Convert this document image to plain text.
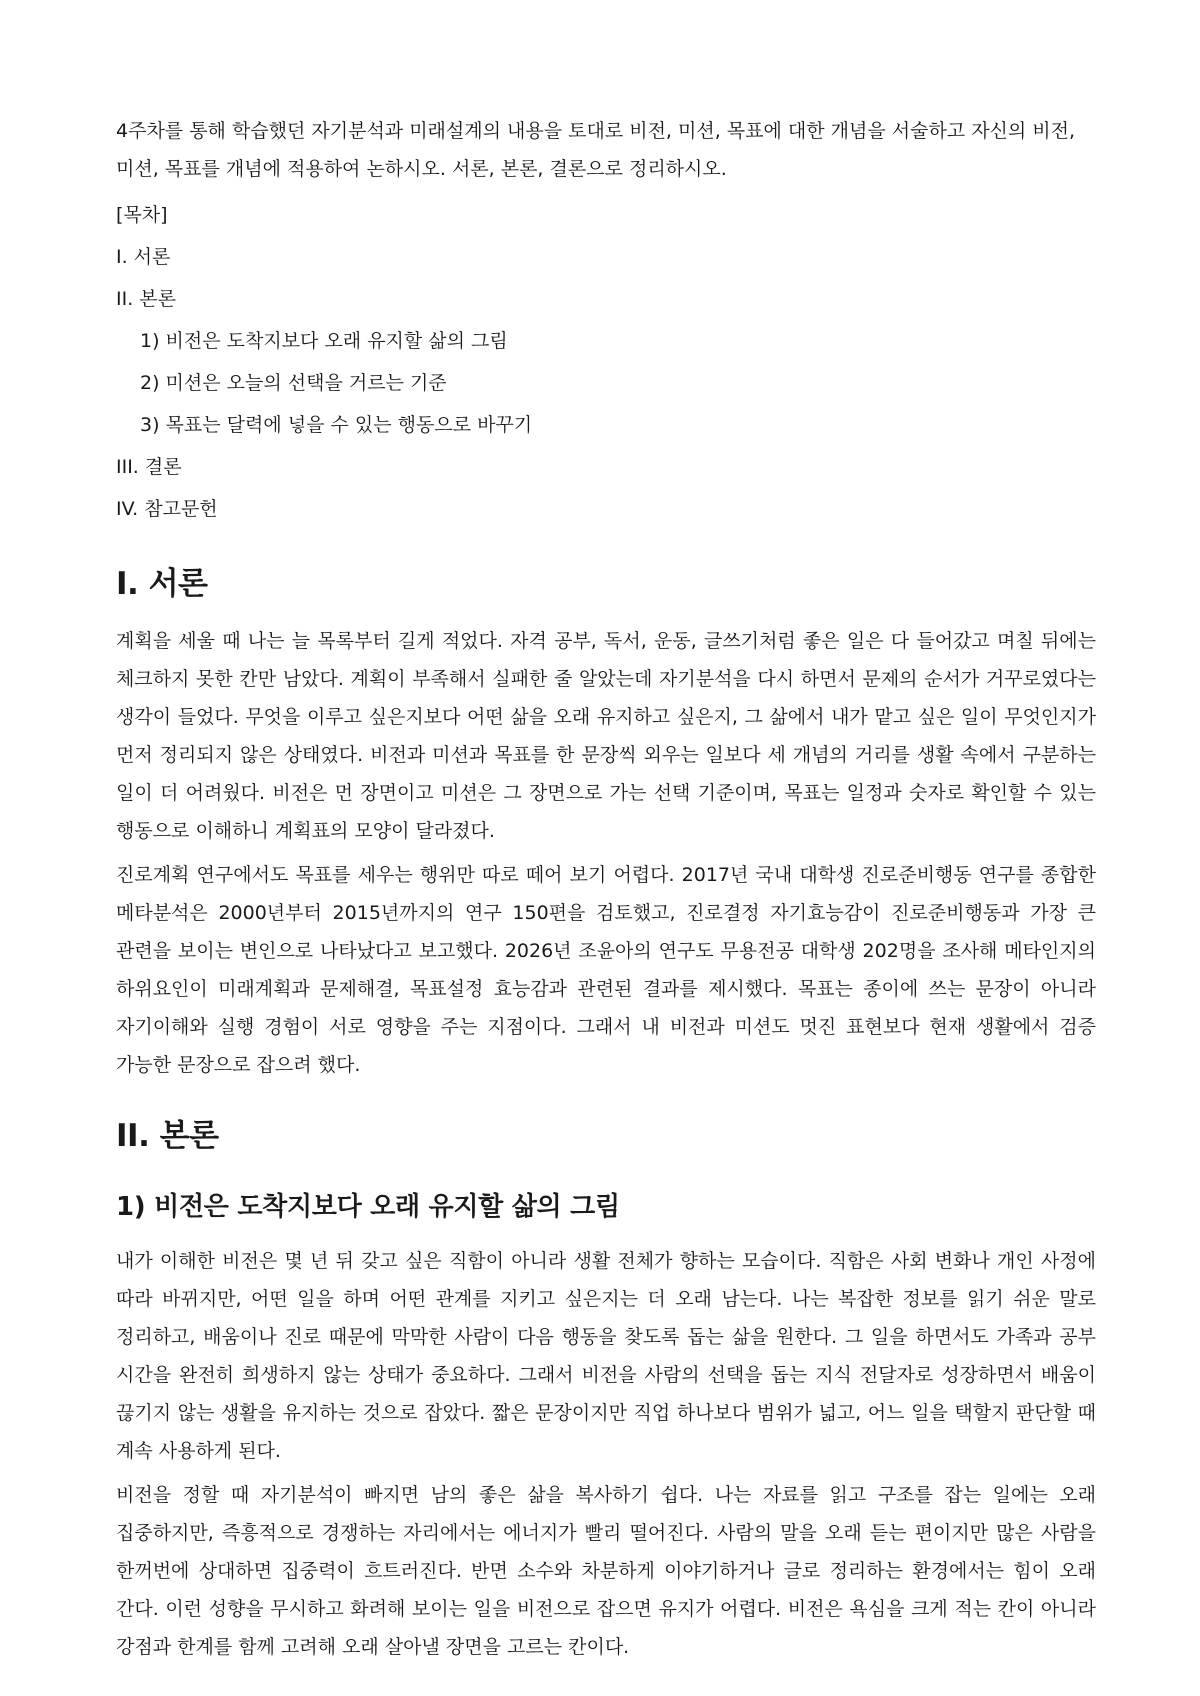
4주차를 통해 학습했던 자기분석과 미래설계의 내용을 토대로 비전, 미션, 목표에 대한 개념을 서술하고 자신의 비전, 미션, 목표를 개념에 적용하여 논하시오. 서론, 본론, 결론으로 정리하시오.

[목차]

I. 서론

II. 본론

1) 비전은 도착지보다 오래 유지할 삶의 그림

2) 미션은 오늘의 선택을 거르는 기준

3) 목표는 달력에 넣을 수 있는 행동으로 바꾸기

III. 결론

IV. 참고문헌

I. 서론

계획을 세울 때 나는 늘 목록부터 길게 적었다. 자격 공부, 독서, 운동, 글쓰기처럼 좋은 일은 다 들어갔고 며칠 뒤에는 체크하지 못한 칸만 남았다. 계획이 부족해서 실패한 줄 알았는데 자기분석을 다시 하면서 문제의 순서가 거꾸로였다는 생각이 들었다. 무엇을 이루고 싶은지보다 어떤 삶을 오래 유지하고 싶은지, 그 삶에서 내가 맡고 싶은 일이 무엇인지가 먼저 정리되지 않은 상태였다. 비전과 미션과 목표를 한 문장씩 외우는 일보다 세 개념의 거리를 생활 속에서 구분하는 일이 더 어려웠다. 비전은 먼 장면이고 미션은 그 장면으로 가는 선택 기준이며, 목표는 일정과 숫자로 확인할 수 있는 행동으로 이해하니 계획표의 모양이 달라졌다.

진로계획 연구에서도 목표를 세우는 행위만 따로 떼어 보기 어렵다. 2017년 국내 대학생 진로준비행동 연구를 종합한 메타분석은 2000년부터 2015년까지의 연구 150편을 검토했고, 진로결정 자기효능감이 진로준비행동과 가장 큰 관련을 보이는 변인으로 나타났다고 보고했다. 2026년 조윤아의 연구도 무용전공 대학생 202명을 조사해 메타인지의 하위요인이 미래계획과 문제해결, 목표설정 효능감과 관련된 결과를 제시했다. 목표는 종이에 쓰는 문장이 아니라 자기이해와 실행 경험이 서로 영향을 주는 지점이다. 그래서 내 비전과 미션도 멋진 표현보다 현재 생활에서 검증 가능한 문장으로 잡으려 했다.

II. 본론
1) 비전은 도착지보다 오래 유지할 삶의 그림

내가 이해한 비전은 몇 년 뒤 갖고 싶은 직함이 아니라 생활 전체가 향하는 모습이다. 직함은 사회 변화나 개인 사정에 따라 바뀌지만, 어떤 일을 하며 어떤 관계를 지키고 싶은지는 더 오래 남는다. 나는 복잡한 정보를 읽기 쉬운 말로 정리하고, 배움이나 진로 때문에 막막한 사람이 다음 행동을 찾도록 돕는 삶을 원한다. 그 일을 하면서도 가족과 공부 시간을 완전히 희생하지 않는 상태가 중요하다. 그래서 비전을 사람의 선택을 돕는 지식 전달자로 성장하면서 배움이 끊기지 않는 생활을 유지하는 것으로 잡았다. 짧은 문장이지만 직업 하나보다 범위가 넓고, 어느 일을 택할지 판단할 때 계속 사용하게 된다.

비전을 정할 때 자기분석이 빠지면 남의 좋은 삶을 복사하기 쉽다. 나는 자료를 읽고 구조를 잡는 일에는 오래 집중하지만, 즉흥적으로 경쟁하는 자리에서는 에너지가 빨리 떨어진다. 사람의 말을 오래 듣는 편이지만 많은 사람을 한꺼번에 상대하면 집중력이 흐트러진다. 반면 소수와 차분하게 이야기하거나 글로 정리하는 환경에서는 힘이 오래 간다. 이런 성향을 무시하고 화려해 보이는 일을 비전으로 잡으면 유지가 어렵다. 비전은 욕심을 크게 적는 칸이 아니라 강점과 한계를 함께 고려해 오래 살아낼 장면을 고르는 칸이다.
